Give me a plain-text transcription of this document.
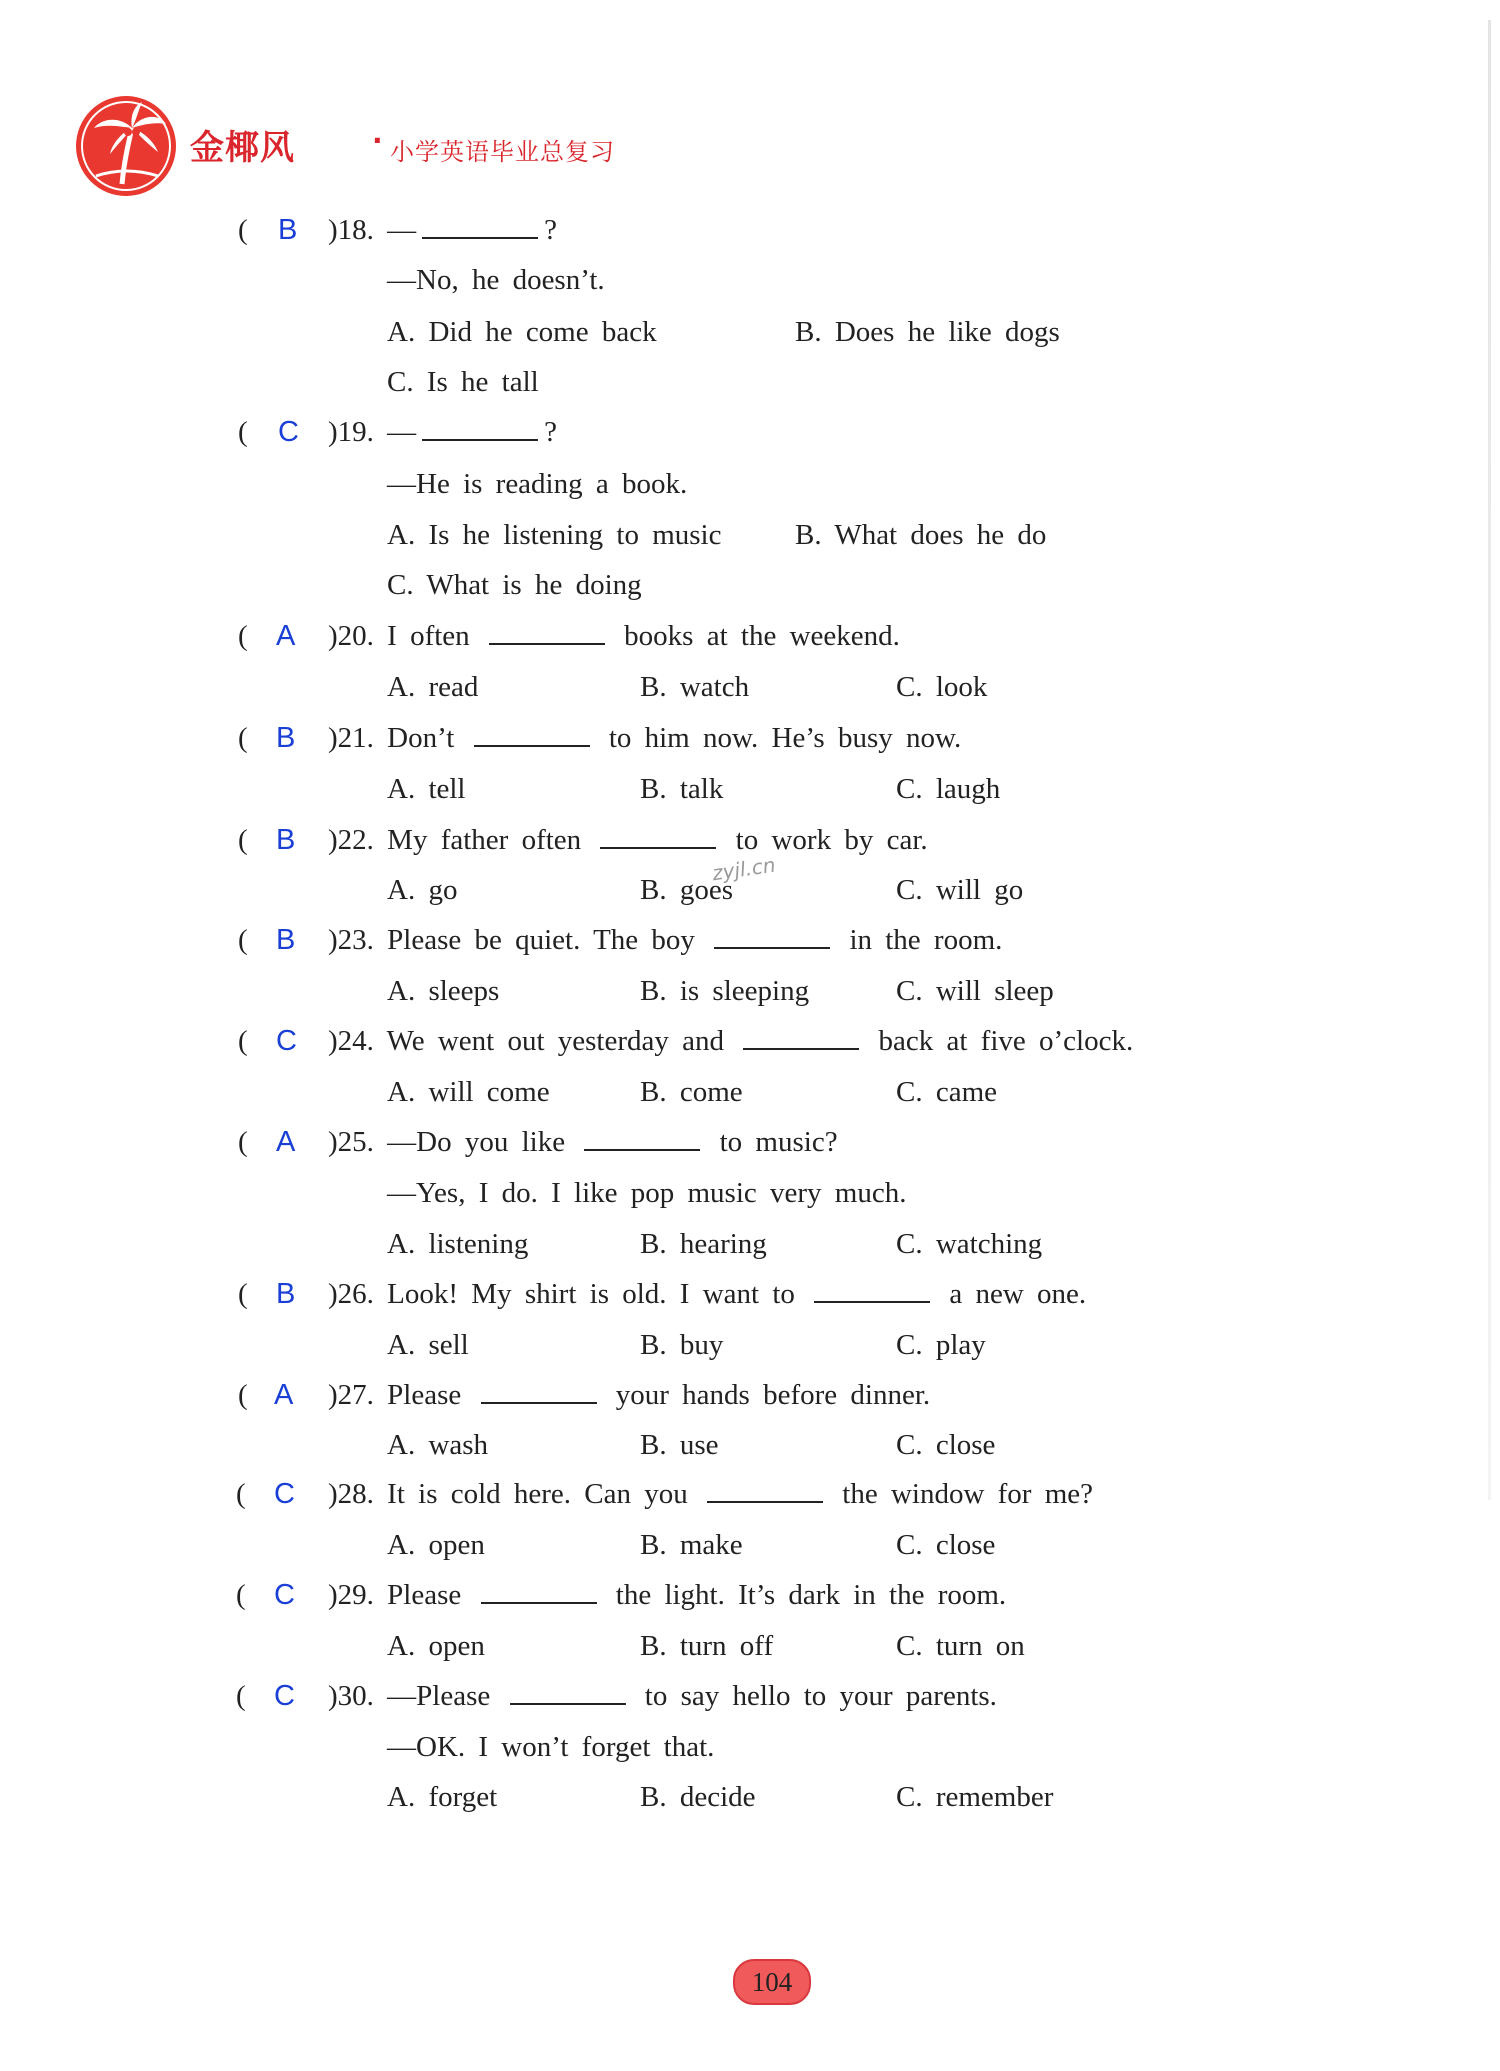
金椰风	· 小学英语毕业总复习
( B )18. —	?
—No, he doesn’t.
A. Did he come back	B. Does he like dogs
C. Is he tall
( C )19. —	?
—He is reading a book.
A. Is he listening to music	B. What does he do
C. What is he doing
( A )20. I often	books at the weekend.
A. read	B. watch	C. look
( B )21. Don’t	to him now. He’s busy now.
A. tell	B. talk	C. laugh
( B )22. My father often	to work by car.
A. go	B. goes	C. will go
zyjl.cn
( B )23. Please be quiet. The boy	in the room.
A. sleeps	B. is sleeping	C. will sleep
( C )24. We went out yesterday and	back at five o’clock.
A. will come	B. come	C. came
( A )25. —Do you like	to music?
—Yes, I do. I like pop music very much.
A. listening	B. hearing	C. watching
( B )26. Look! My shirt is old. I want to	a new one.
A. sell	B. buy	C. play
( A )27. Please	your hands before dinner.
A. wash	B. use	C. close
( C )28. It is cold here. Can you	the window for me?
A. open	B. make	C. close
( C )29. Please	the light. It’s dark in the room.
A. open	B. turn off	C. turn on
( C )30. —Please	to say hello to your parents.
—OK. I won’t forget that.
A. forget	B. decide	C. remember
104
